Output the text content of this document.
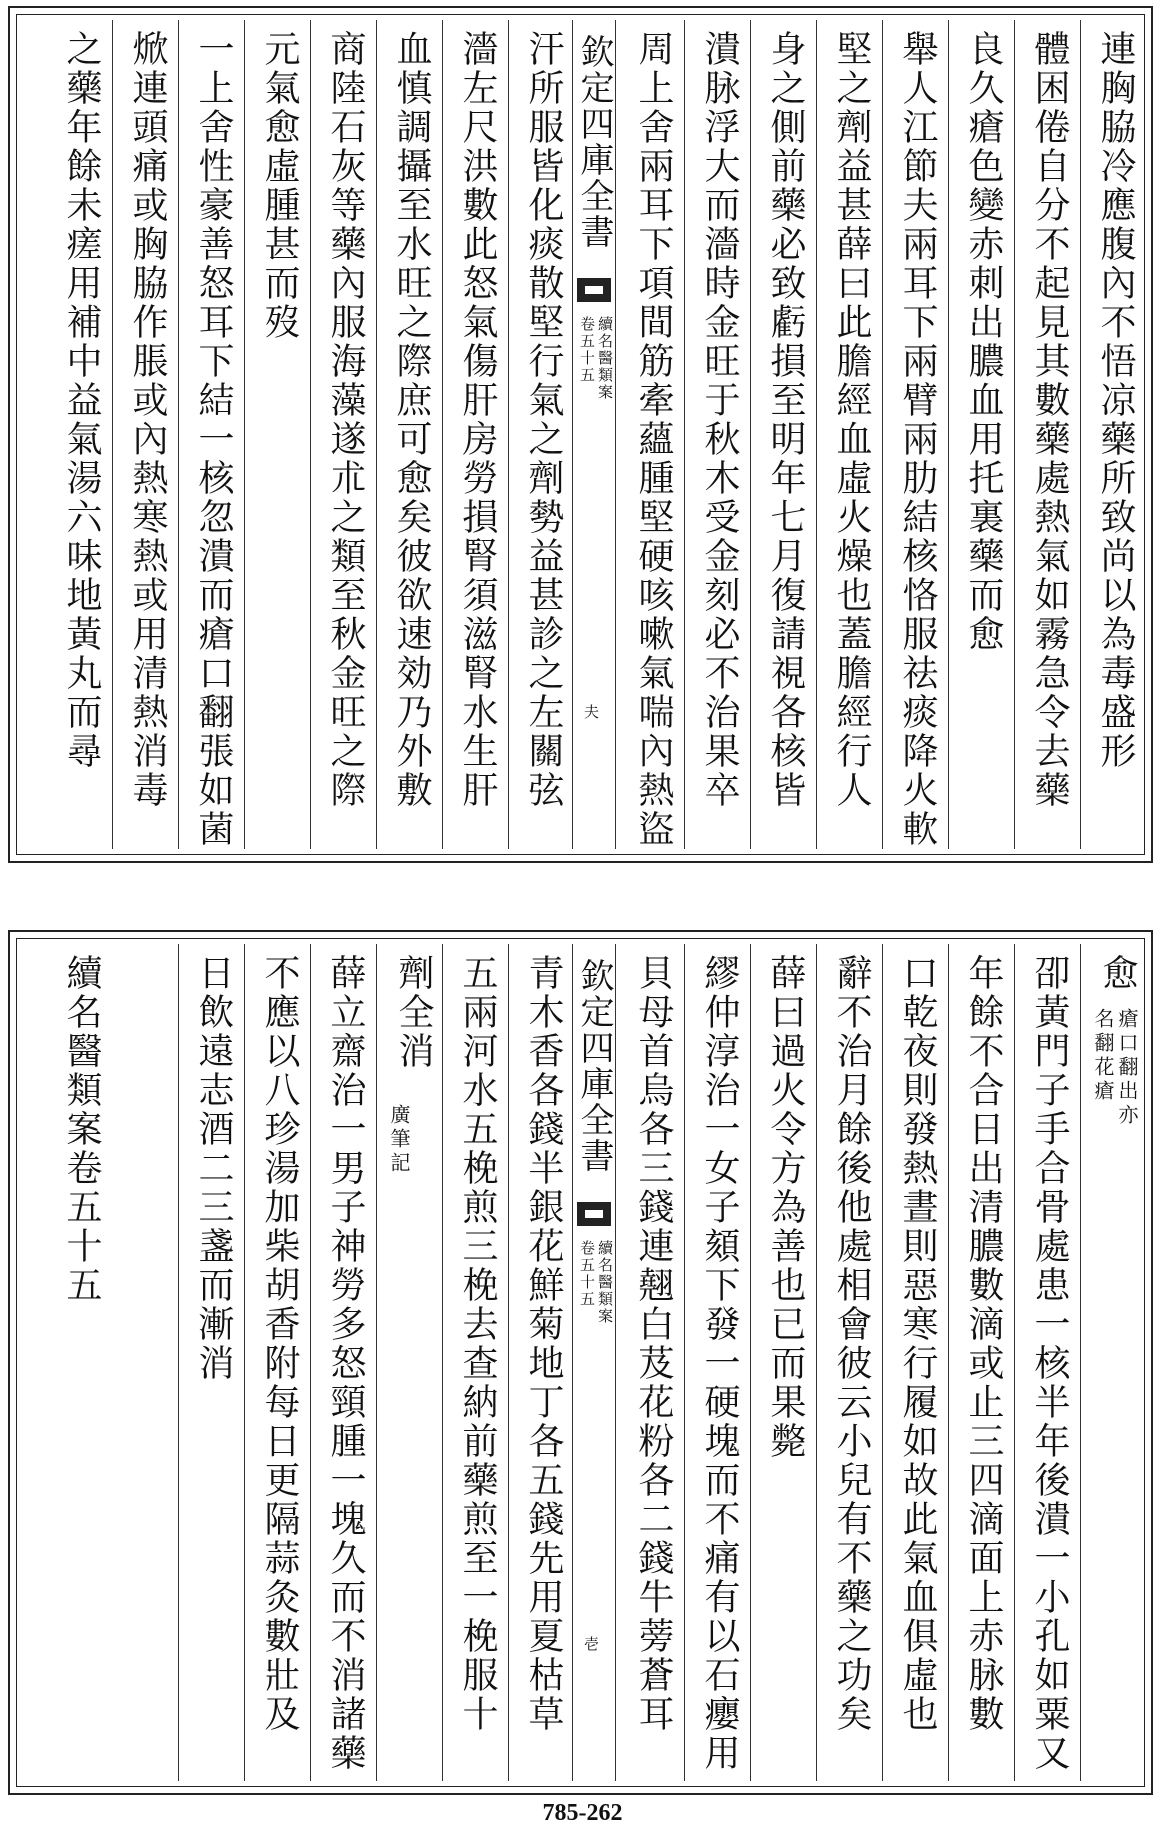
連胸脇冷應腹內不悟凉藥所致尚以為毒盛形
體困倦自分不起見其數藥處熱氣如霧急令去藥
良久瘡色變赤刺出膿血用托裏藥而愈
舉人江節夫兩耳下兩臂兩肋結核恪服祛痰降火軟
堅之劑益甚薛曰此膽經血虛火燥也蓋膽經行人
身之側前藥必致虧損至明年七月復請視各核皆
潰脉浮大而濇時金旺于秋木受金刻必不治果卒
周上舍兩耳下項間筋牽蘊腫堅硬咳嗽氣喘內熱盜
欽定四庫全書
續名醫類案
卷五十五
夫
汗所服皆化痰散堅行氣之劑勢益甚診之左關弦
濇左尺洪數此怒氣傷肝房勞損腎須滋腎水生肝
血慎調攝至水旺之際庶可愈矣彼欲速効乃外敷
商陸石灰等藥內服海藻遂朮之類至秋金旺之際
元氣愈虛腫甚而歿
一上舍性豪善怒耳下結一核忽潰而瘡口翻張如菌
焮連頭痛或胸脇作脹或內熱寒熱或用清熱消毒
之藥年餘未瘥用補中益氣湯六味地黃丸而尋
愈
瘡口翻出亦
名翻花瘡
卲黃門子手合骨處患一核半年後潰一小孔如粟又
年餘不合日出清膿數滴或止三四滴面上赤脉數
口乾夜則發熱晝則惡寒行履如故此氣血俱虛也
辭不治月餘後他處相會彼云小兒有不藥之功矣
薛曰過火令方為善也已而果斃
繆仲淳治一女子頦下發一硬塊而不痛有以石癭用
貝母首烏各三錢連翹白芨花粉各二錢牛蒡蒼耳
欽定四庫全書
續名醫類案
卷五十五
壱
青木香各錢半銀花鮮菊地丁各五錢先用夏枯草
五兩河水五梚煎三梚去查納前藥煎至一梚服十
劑全消
廣筆記
薛立齋治一男子神勞多怒頸腫一塊久而不消諸藥
不應以八珍湯加柴胡香附每日更隔蒜灸數壯及
日飲遠志酒二三盞而漸消
續名醫類案卷五十五
785-262
